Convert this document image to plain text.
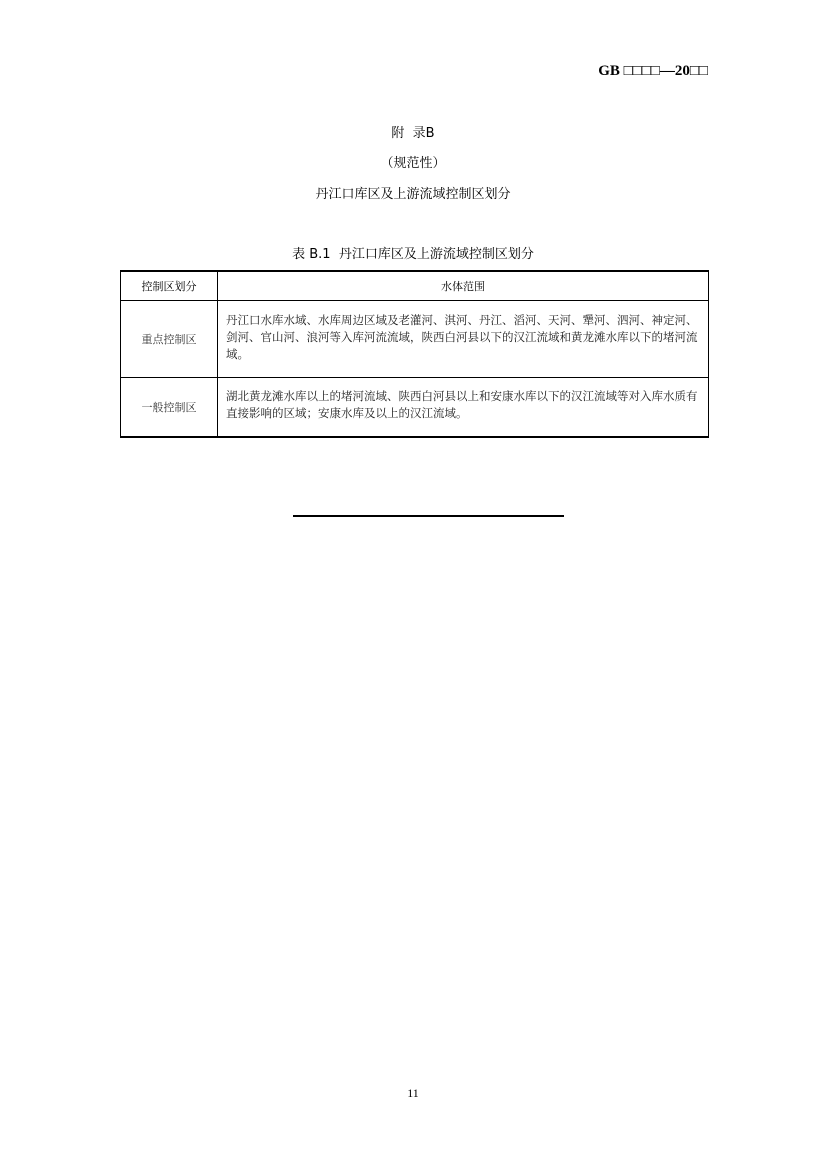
GB □□□□—20□□
附  录B
（规范性）
丹江口库区及上游流域控制区划分
表 B.1  丹江口库区及上游流域控制区划分
控制区划分	水体范围
重点控制区	丹江口水库水域、水库周边区域及老灌河、淇河、丹江、滔河、天河、犟河、泗河、神定河、剑河、官山河、浪河等入库河流流域，陕西白河县以下的汉江流域和黄龙滩水库以下的堵河流域。
一般控制区	湖北黄龙滩水库以上的堵河流域、陕西白河县以上和安康水库以下的汉江流域等对入库水质有直接影响的区域；安康水库及以上的汉江流域。
11
